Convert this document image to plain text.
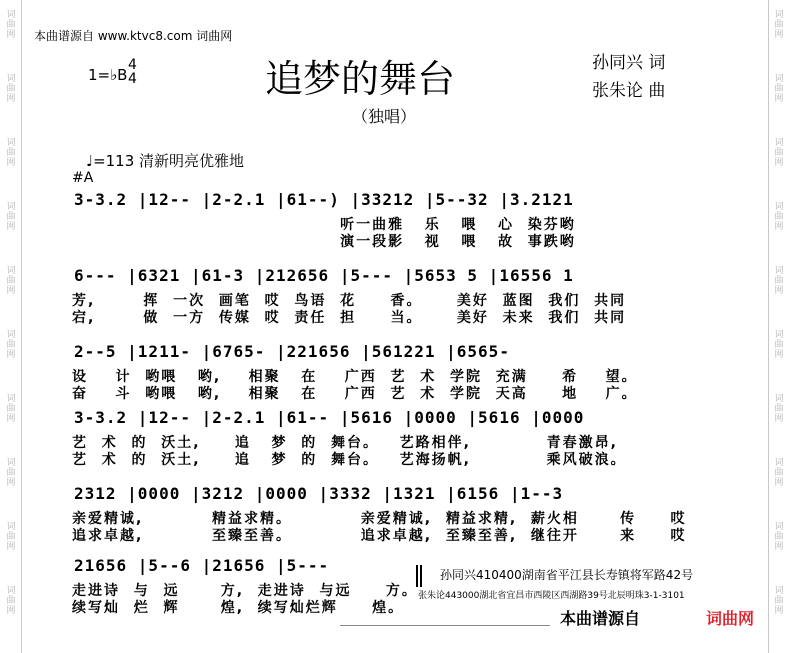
词
曲
网
词
曲
网
词
曲
网
词
曲
网
词
曲
网
词
曲
网
词
曲
网
词
曲
网
词
曲
网
词
曲
网
词
曲
网
词
曲
网
词
曲
网
词
曲
网
词
曲
网
词
曲
网
词
曲
网
词
曲
网
词
曲
网
词
曲
网
本曲谱源自 www.ktvc8.com 词曲网
1=♭B
4
4	追梦的舞台
（独唱）
孙同兴 词
张朱论 曲
♩=113 清新明亮优雅地
#A
3-3.2 |12-- |2-2.1 |61--) |33212 |5--32 |3.2121
听一曲雅   乐   喂   心  染芬哟
演一段影   视   喂   故  事跌哟
6--- |6321 |61-3 |212656 |5--- |5653 5 |16556 1
芳,       挥  一次  画笔  哎  鸟语  花     香。     美好  蓝图  我们  共同
宕,       做  一方  传媒  哎  责任  担     当。     美好  未来  我们  共同
2--5 |1211- |6765- |221656 |561221 |6565-
设    计  哟喂   哟,    相聚   在    广西  艺  术  学院  充满     希    望。
奋    斗  哟喂   哟,    相聚   在    广西  艺  术  学院  天高     地    广。
3-3.2 |12-- |2-2.1 |61-- |5616 |0000 |5616 |0000
艺  术  的  沃土,     追   梦  的  舞台。   艺路相伴,           青春激昂,
艺  术  的  沃土,     追   梦  的  舞台。   艺海扬帆,           乘风破浪。
2312 |0000 |3212 |0000 |3332 |1321 |6156 |1--3
亲爱精诚,          精益求精。          亲爱精诚,  精益求精,  薪火相      传     哎
追求卓越,          至臻至善。          追求卓越,  至臻至善,  继往开      来     哎
21656 |5--6 |21656 |5---
走进诗  与  远      方,  走进诗  与远     方。
续写灿  烂  辉      煌,  续写灿烂辉     煌。
孙同兴410400湖南省平江县长寿镇将军路42号
张朱论443000湖北省宜昌市西陵区西湖路39号北辰明珠3-1-3101
本曲谱源自	词曲网
